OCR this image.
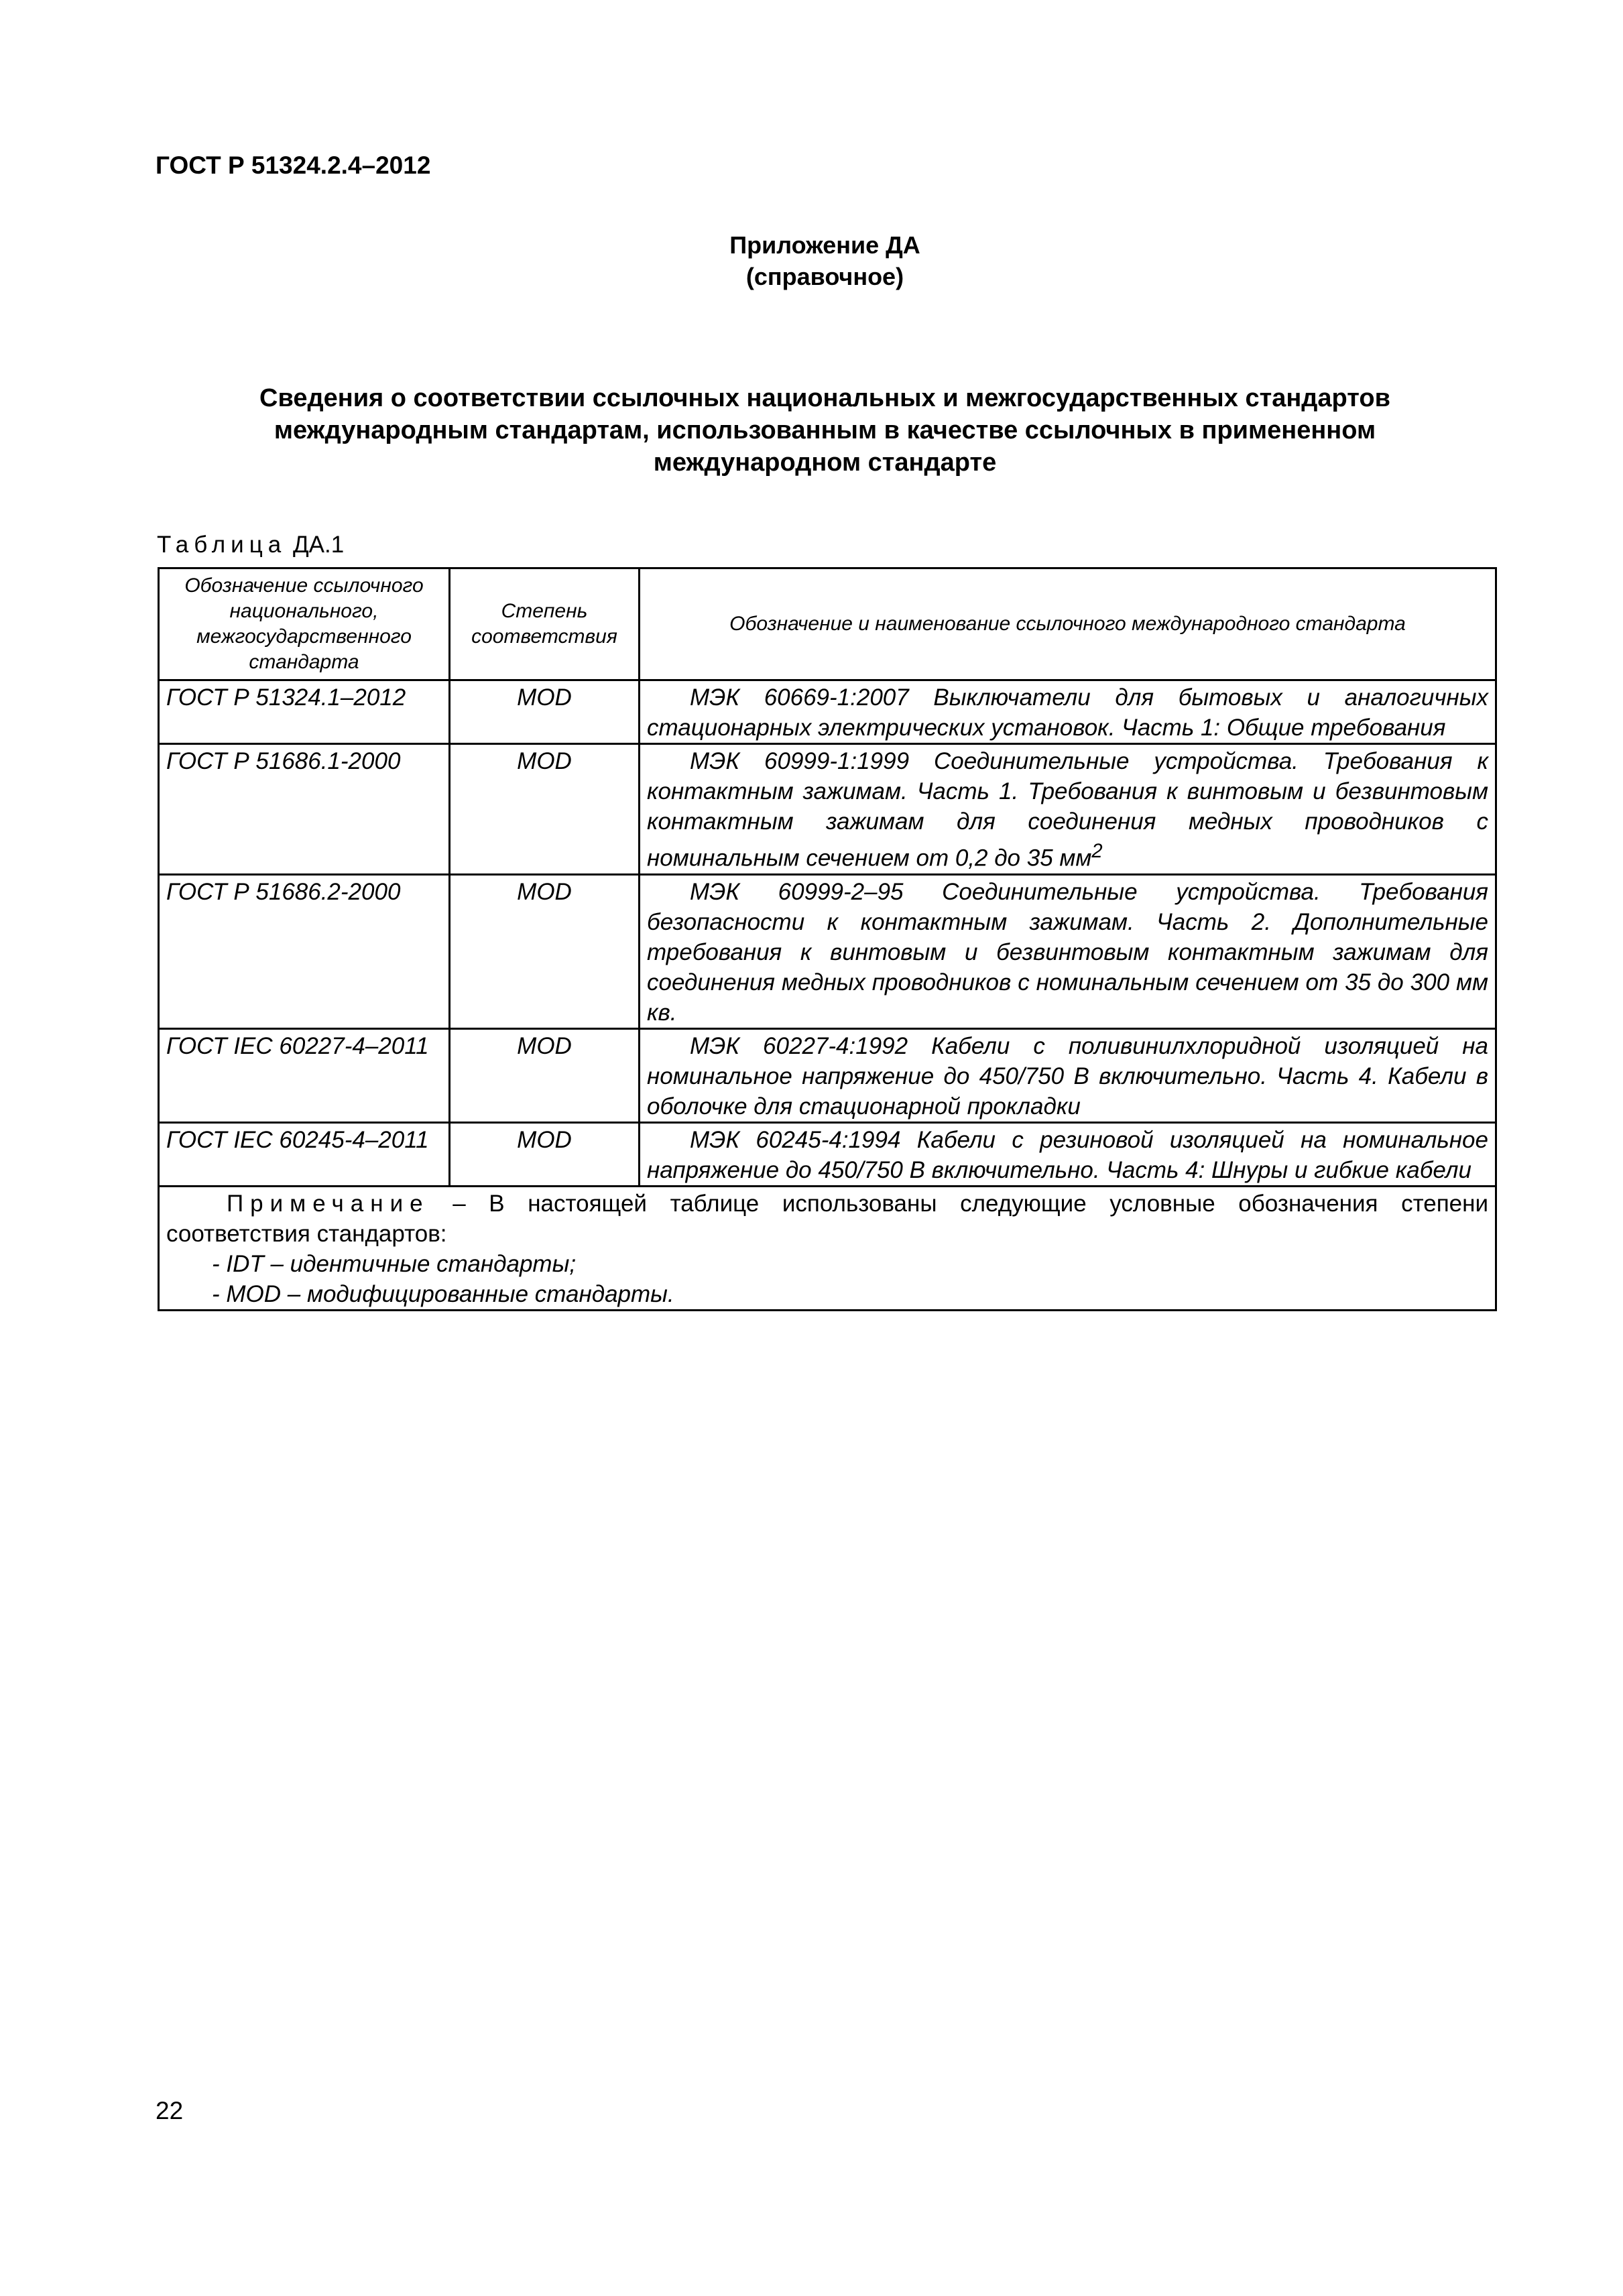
ГОСТ Р 51324.2.4–2012
Приложение ДА
(справочное)
Сведения о соответствии ссылочных национальных и межгосударственных стандартов
международным стандартам, использованным в качестве ссылочных в примененном
международном стандарте
Таблица ДА.1
Обозначение ссылочного национального, межгосударственного стандарта	Степень соответствия	Обозначение и наименование ссылочного международного стандарта
ГОСТ Р 51324.1–2012	MOD	МЭК 60669-1:2007 Выключатели для бытовых и аналогичных стационарных электрических установок. Часть 1: Общие требования
ГОСТ Р 51686.1-2000	MOD	МЭК 60999-1:1999 Соединительные устройства. Требования к контактным зажимам. Часть 1. Требования к винтовым и безвинтовым контактным зажимам для соединения медных проводников с номинальным сечением от 0,2 до 35 $мм^2$
ГОСТ Р 51686.2-2000	MOD	МЭК 60999-2–95 Соединительные устройства. Требования безопасности к контактным зажимам. Часть 2. Дополнительные требования к винтовым и безвинтовым контактным зажимам для соединения медных проводников с номинальным сечением от 35 до 300 мм кв.
ГОСТ IEC 60227-4–2011	MOD	МЭК 60227-4:1992 Кабели с поливинилхлоридной изоляцией на номинальное напряжение до 450/750 В включительно. Часть 4. Кабели в оболочке для стационарной прокладки
ГОСТ IEC 60245-4–2011	MOD	МЭК 60245-4:1994 Кабели с резиновой изоляцией на номинальное напряжение до 450/750 В включительно. Часть 4: Шнуры и гибкие кабели

Примечание – В настоящей таблице использованы следующие условные обозначения степени соответствия стандартов:
- IDT – идентичные стандарты;
- MOD – модифицированные стандарты.		
22
